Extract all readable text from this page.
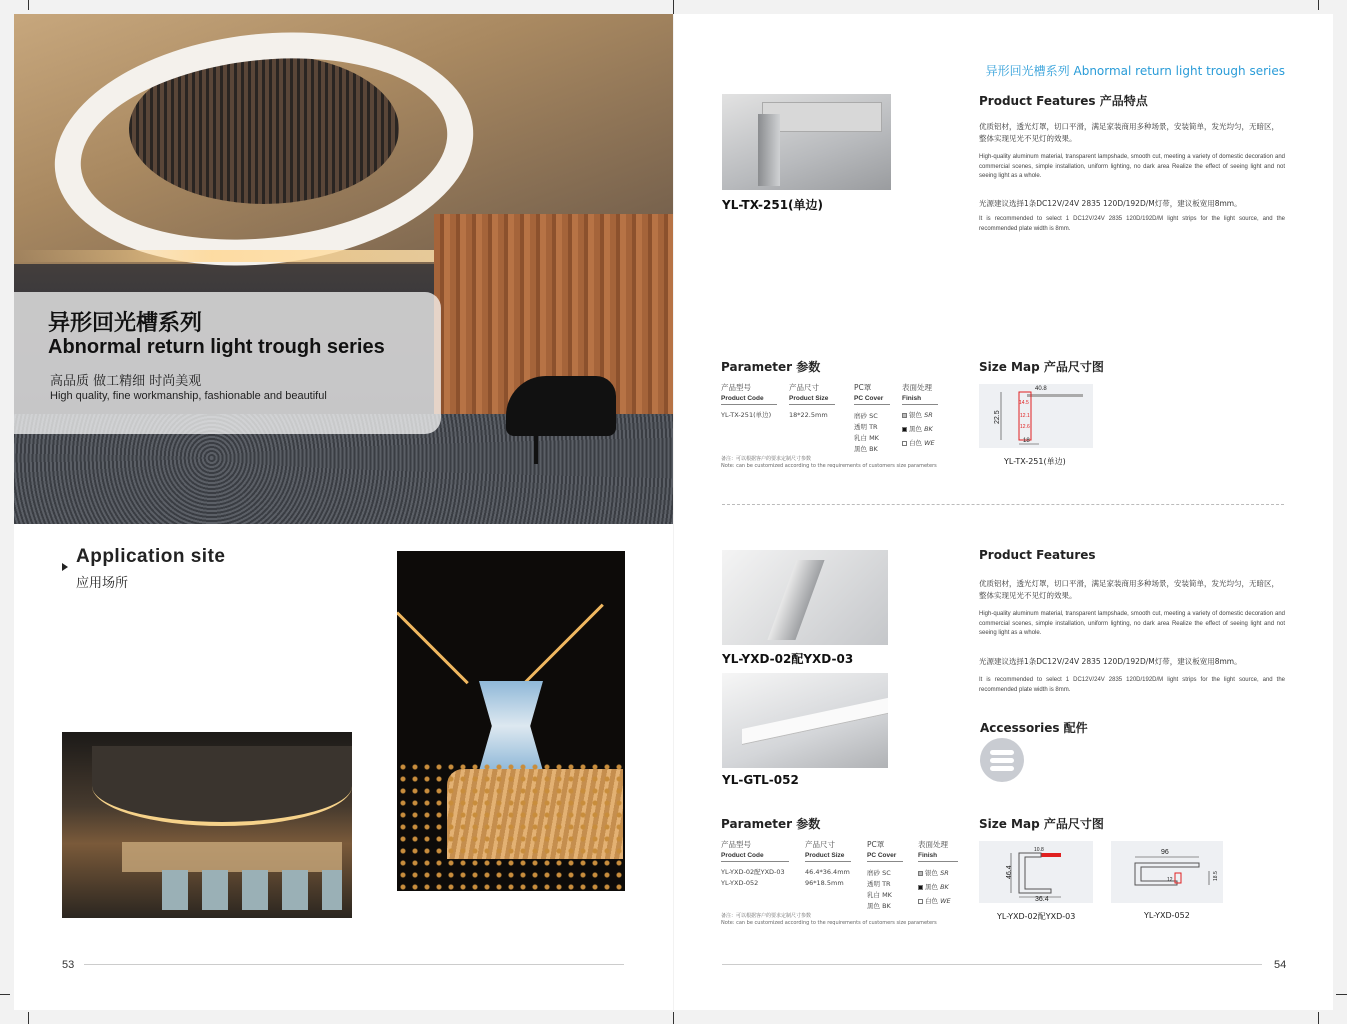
异形回光槽系列
Abnormal return light trough series
高品质 做工精细 时尚美观
High quality, fine workmanship, fashionable and beautiful
Application site
应用场所
53
异形回光槽系列 Abnormal return light trough series
YL-TX-251(单边)
Product Features 产品特点
优质铝材，透光灯罩，切口平滑，满足家装商用多种场景，安装简单，发光均匀，无暗区，整体实现见光不见灯的效果。
High-quality aluminum material, transparent lampshade, smooth cut, meeting a variety of domestic decoration and commercial scenes, simple installation, uniform lighting, no dark area Realize the effect of seeing light and not seeing light as a whole.
光源建议选择1条DC12V/24V 2835 120D/192D/M灯带，建议板宽用8mm。
It is recommended to select 1 DC12V/24V 2835 120D/192D/M light strips for the light source, and the recommended plate width is 8mm.
Parameter 参数
产品型号
Product Code
产品尺寸
Product Size
PC罩
PC Cover
表面处理
Finish
YL-TX-251(单边)	18*22.5mm	磨砂 SC
透明 TR
乳白 MK
黑色 BK
银色 SR
黑色 BK
白色 WE
备注：可以根据客户的要求定制尺寸参数
Note: can be customized according to the requirements of customers size parameters
Size Map 产品尺寸图
40.8
22.5
18
14.5
12.1
12.6
YL-TX-251(单边)
YL-YXD-02配YXD-03
YL-GTL-052
Product Features
优质铝材，透光灯罩，切口平滑，满足家装商用多种场景，安装简单，发光均匀，无暗区，整体实现见光不见灯的效果。
High-quality aluminum material, transparent lampshade, smooth cut, meeting a variety of domestic decoration and commercial scenes, simple installation, uniform lighting, no dark area Realize the effect of seeing light and not seeing light as a whole.
光源建议选择1条DC12V/24V 2835 120D/192D/M灯带，建议板宽用8mm。
It is recommended to select 1 DC12V/24V 2835 120D/192D/M light strips for the light source, and the recommended plate width is 8mm.
Accessories 配件
Parameter 参数
产品型号
Product Code
产品尺寸
Product Size
PC罩
PC Cover
表面处理
Finish
YL-YXD-02配YXD-03
YL-YXD-052
46.4*36.4mm
96*18.5mm
磨砂 SC
透明 TR
乳白 MK
黑色 BK
银色 SR
黑色 BK
白色 WE
备注：可以根据客户的要求定制尺寸参数
Note: can be customized according to the requirements of customers size parameters
Size Map 产品尺寸图
10.8
46.4
36.4
YL-YXD-02配YXD-03
96
18.5
12
YL-YXD-052
54
